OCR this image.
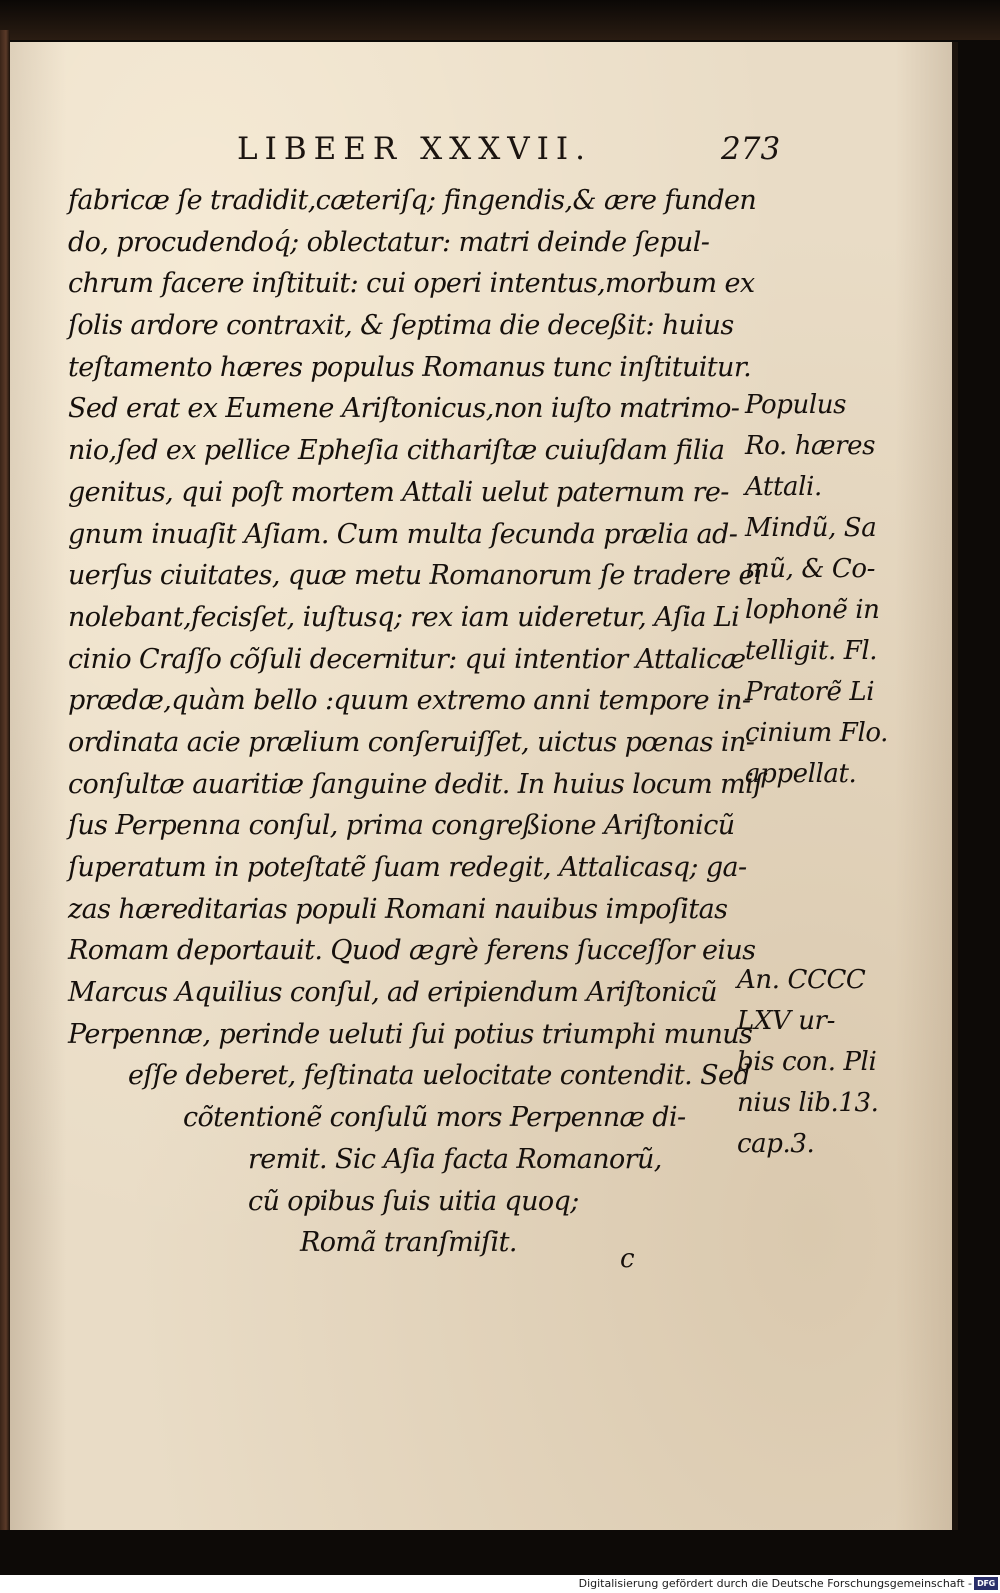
LIBEER XXXVII.	273
fabricæ ſe tradidit,cæteriſq; fingendis,& ære funden
do, procudendoq́; oblectatur: matri deinde ſepul-
chrum facere inſtituit: cui operi intentus,morbum ex
ſolis ardore contraxit, & ſeptima die deceßit: huius
teſtamento hæres populus Romanus tunc inſtituitur.
Sed erat ex Eumene Ariſtonicus,non iuſto matrimo-
nio,ſed ex pellice Epheſia cithariſtæ cuiuſdam filia
genitus, qui poſt mortem Attali uelut paternum re-
gnum inuaſit Aſiam. Cum multa ſecunda prælia ad-
uerſus ciuitates, quæ metu Romanorum ſe tradere ei
nolebant,fecisſet, iuſtusq; rex iam uideretur, Aſia Li
cinio Craſſo cõſuli decernitur: qui intentior Attalicæ
prædæ,quàm bello :quum extremo anni tempore in-
ordinata acie prælium conſeruiſſet, uictus pœnas in-
conſultæ auaritiæ ſanguine dedit. In huius locum miſ
ſus Perpenna conſul, prima congreßione Ariſtonicũ
ſuperatum in poteſtatẽ ſuam redegit, Attalicasq; ga-
zas hæreditarias populi Romani nauibus impoſitas
Romam deportauit. Quod ægrè ferens ſucceſſor eius
Marcus Aquilius conſul, ad eripiendum Ariſtonicũ
Perpennæ, perinde ueluti ſui potius triumphi munus
eſſe deberet, feſtinata uelocitate contendit. Sed
cõtentionẽ conſulũ mors Perpennæ di-
remit. Sic Aſia facta Romanorũ,
cũ opibus ſuis uitia quoq;
Romã tranſmiſit.
Populus
Ro. hæres
Attali.
Mindũ, Sa
mũ, & Co-
lophonẽ in
telligit. Fl.
Pratorẽ Li
cinium Flo.
appellat.
An. CCCC
LXV ur-
bis con. Pli
nius lib.13.
cap.3.
c
Digitalisierung gefördert durch die Deutsche Forschungsgemeinschaft - DFG
